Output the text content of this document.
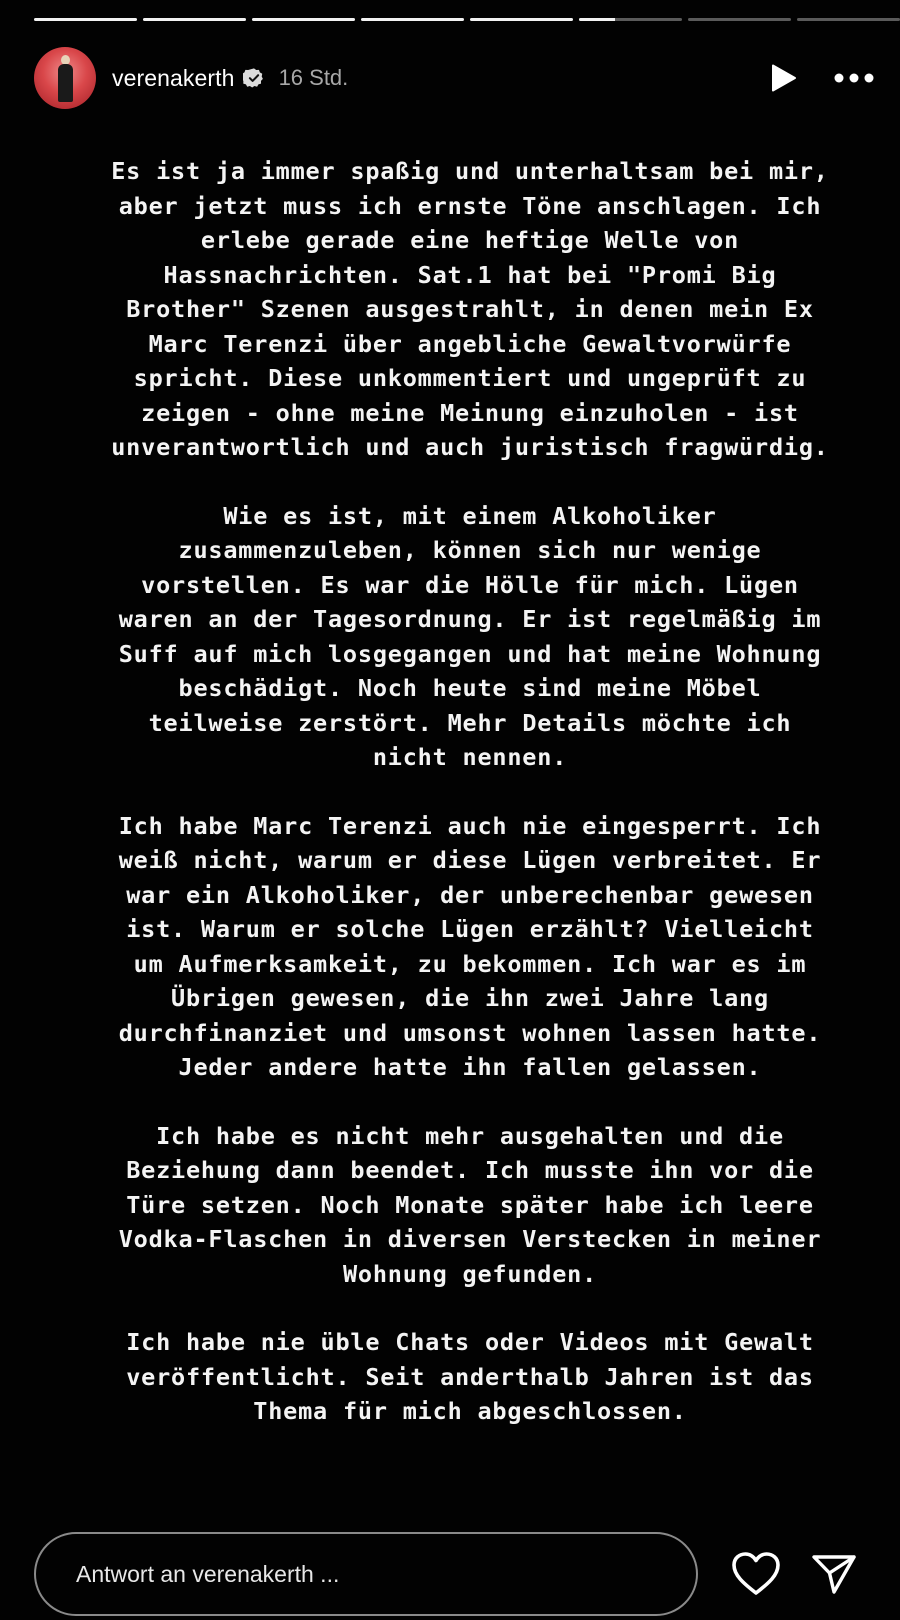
verenakerth 16 Std.
Es ist ja immer spaßig und unterhaltsam bei mir,
aber jetzt muss ich ernste Töne anschlagen. Ich
erlebe gerade eine heftige Welle von
Hassnachrichten. Sat.1 hat bei "Promi Big
Brother" Szenen ausgestrahlt, in denen mein Ex
Marc Terenzi über angebliche Gewaltvorwürfe
spricht. Diese unkommentiert und ungeprüft zu
zeigen - ohne meine Meinung einzuholen - ist
unverantwortlich und auch juristisch fragwürdig.
Wie es ist, mit einem Alkoholiker
zusammenzuleben, können sich nur wenige
vorstellen. Es war die Hölle für mich. Lügen
waren an der Tagesordnung. Er ist regelmäßig im
Suff auf mich losgegangen und hat meine Wohnung
beschädigt. Noch heute sind meine Möbel
teilweise zerstört. Mehr Details möchte ich
nicht nennen.
Ich habe Marc Terenzi auch nie eingesperrt. Ich
weiß nicht, warum er diese Lügen verbreitet. Er
war ein Alkoholiker, der unberechenbar gewesen
ist. Warum er solche Lügen erzählt? Vielleicht
um Aufmerksamkeit, zu bekommen. Ich war es im
Übrigen gewesen, die ihn zwei Jahre lang
durchfinanziet und umsonst wohnen lassen hatte.
Jeder andere hatte ihn fallen gelassen.
Ich habe es nicht mehr ausgehalten und die
Beziehung dann beendet. Ich musste ihn vor die
Türe setzen. Noch Monate später habe ich leere
Vodka-Flaschen in diversen Verstecken in meiner
Wohnung gefunden.
Ich habe nie üble Chats oder Videos mit Gewalt
veröffentlicht. Seit anderthalb Jahren ist das
Thema für mich abgeschlossen.
Antwort an verenakerth ...
